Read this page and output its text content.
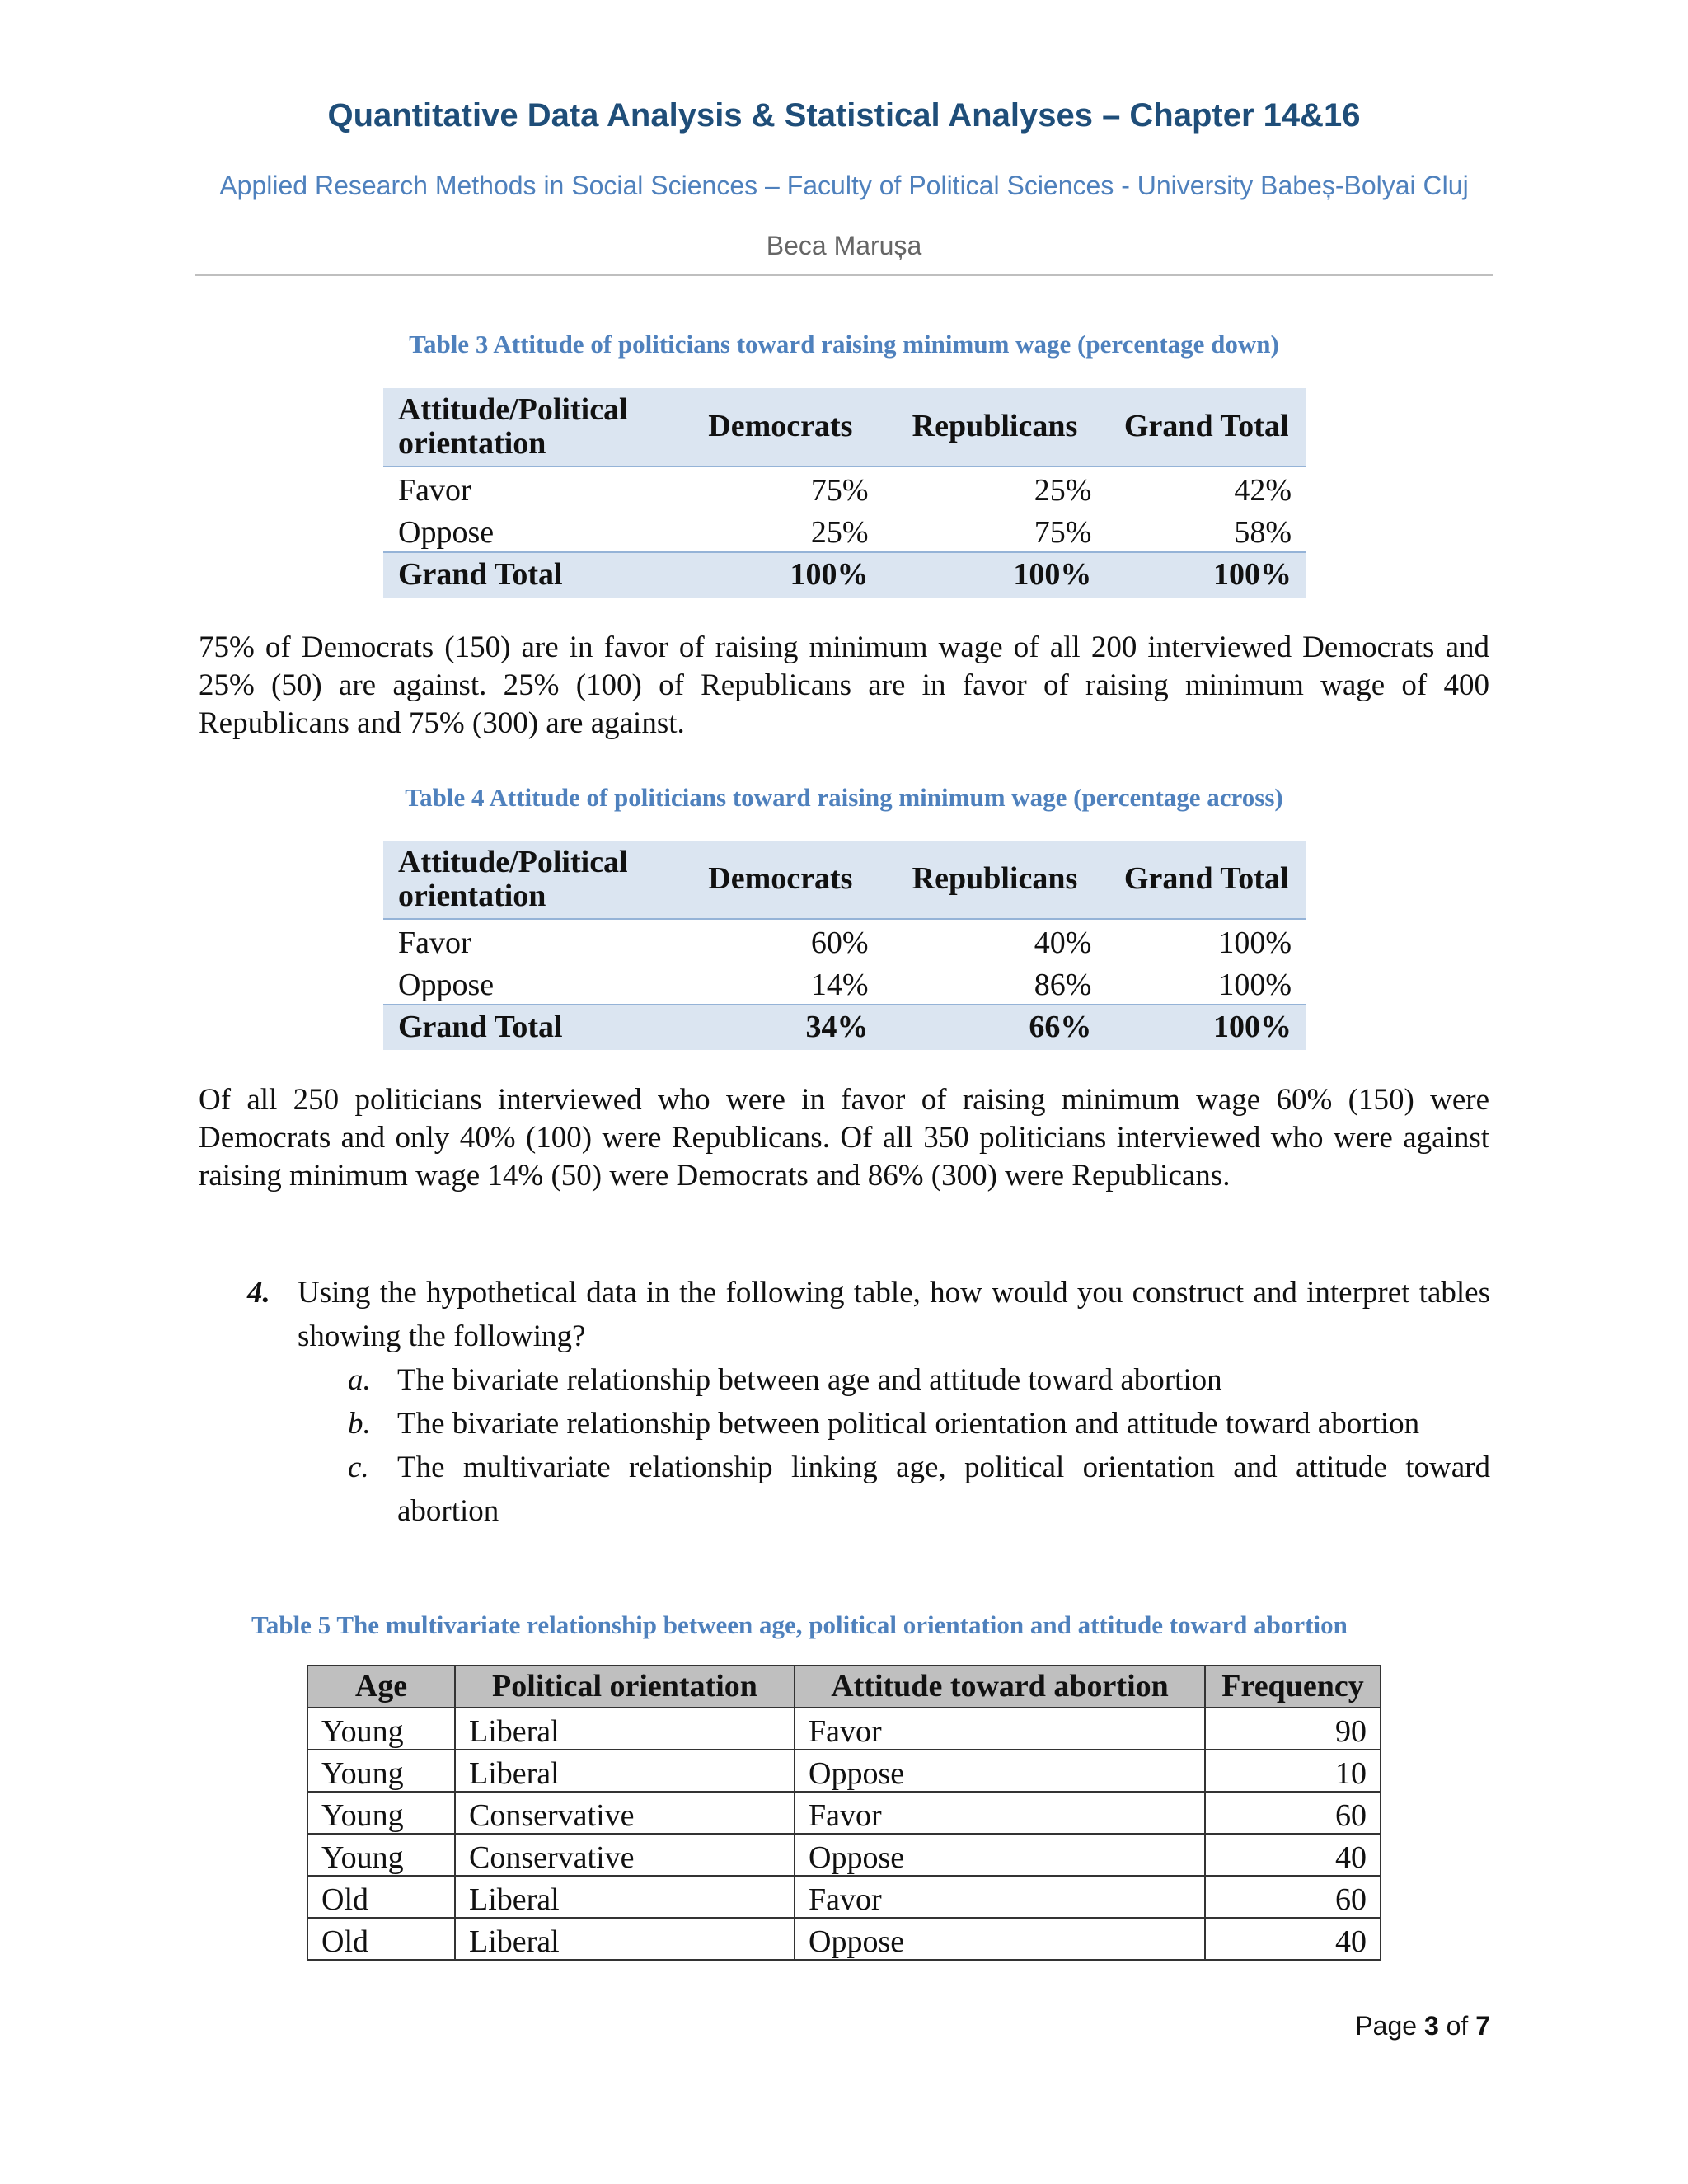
Quantitative Data Analysis & Statistical Analyses – Chapter 14&16
Applied Research Methods in Social Sciences – Faculty of Political Sciences - University Babeș-Bolyai Cluj
Beca Marușa
Table 3 Attitude of politicians toward raising minimum wage (percentage down)
Attitude/Political orientation	Democrats	Republicans	Grand Total
Favor	75%	25%	42%
Oppose	25%	75%	58%
Grand Total	100%	100%	100%
75% of Democrats (150) are in favor of raising minimum wage of all 200 interviewed Democrats and 25% (50) are against. 25% (100) of Republicans are in favor of raising minimum wage of 400 Republicans and 75% (300) are against.
Table 4 Attitude of politicians toward raising minimum wage (percentage across)
Attitude/Political orientation	Democrats	Republicans	Grand Total
Favor	60%	40%	100%
Oppose	14%	86%	100%
Grand Total	34%	66%	100%
Of all 250 politicians interviewed who were in favor of raising minimum wage 60% (150) were Democrats and only 40% (100) were Republicans. Of all 350 politicians interviewed who were against raising minimum wage 14% (50) were Democrats and 86% (300) were Republicans.
4. Using the hypothetical data in the following table, how would you construct and interpret tables showing the following?
a. The bivariate relationship between age and attitude toward abortion
b. The bivariate relationship between political orientation and attitude toward abortion
c. The multivariate relationship linking age, political orientation and attitude toward abortion
Table 5 The multivariate relationship between age, political orientation and attitude toward abortion
Age	Political orientation	Attitude toward abortion	Frequency
Young	Liberal	Favor	90
Young	Liberal	Oppose	10
Young	Conservative	Favor	60
Young	Conservative	Oppose	40
Old	Liberal	Favor	60
Old	Liberal	Oppose	40
Page 3 of 7
